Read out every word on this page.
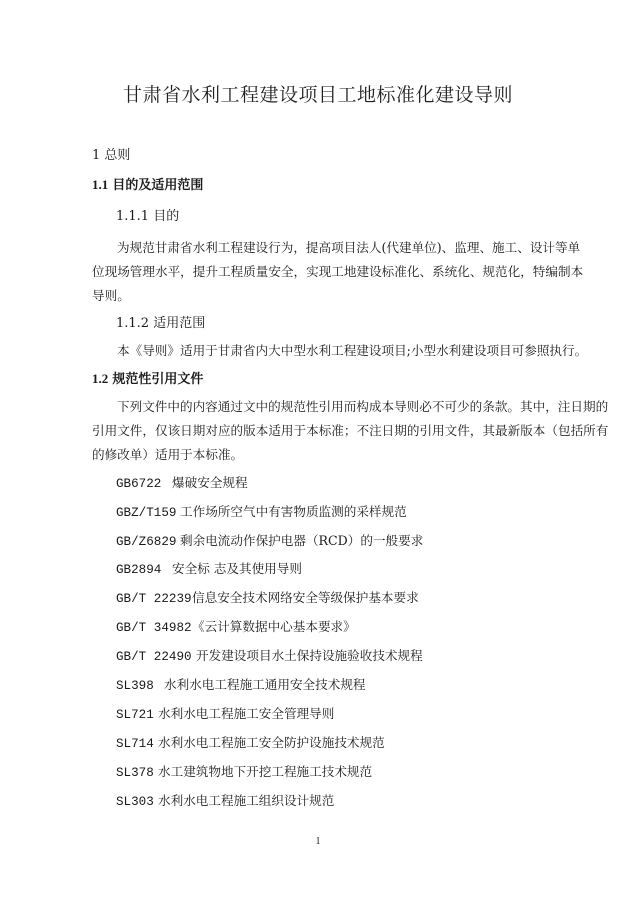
甘肃省水利工程建设项目工地标准化建设导则
1 总则
1.1 目的及适用范围
1.1.1 目的
为规范甘肃省水利工程建设行为，提高项目法人(代建单位)、监理、施工、设计等单
位现场管理水平，提升工程质量安全，实现工地建设标准化、系统化、规范化，特编制本
导则。
1.1.2 适用范围
本《导则》适用于甘肃省内大中型水利工程建设项目;小型水利建设项目可参照执行。
1.2 规范性引用文件
下列文件中的内容通过文中的规范性引用而构成本导则必不可少的条款。其中，注日期的
引用文件，仅该日期对应的版本适用于本标准；不注日期的引用文件，其最新版本（包括所有
的修改单）适用于本标准。
GB6722 爆破安全规程
GBZ/T159 工作场所空气中有害物质监测的采样规范
GB/Z6829 剩余电流动作保护电器（RCD）的一般要求
GB2894 安全标 志及其使用导则
GB/T 22239 信息安全技术网络安全等级保护基本要求
GB/T 34982 《云计算数据中心基本要求》
GB/T 22490 开发建设项目水土保持设施验收技术规程
SL398 水利水电工程施工通用安全技术规程
SL721 水利水电工程施工安全管理导则
SL714 水利水电工程施工安全防护设施技术规范
SL378 水工建筑物地下开挖工程施工技术规范
SL303 水利水电工程施工组织设计规范
1
